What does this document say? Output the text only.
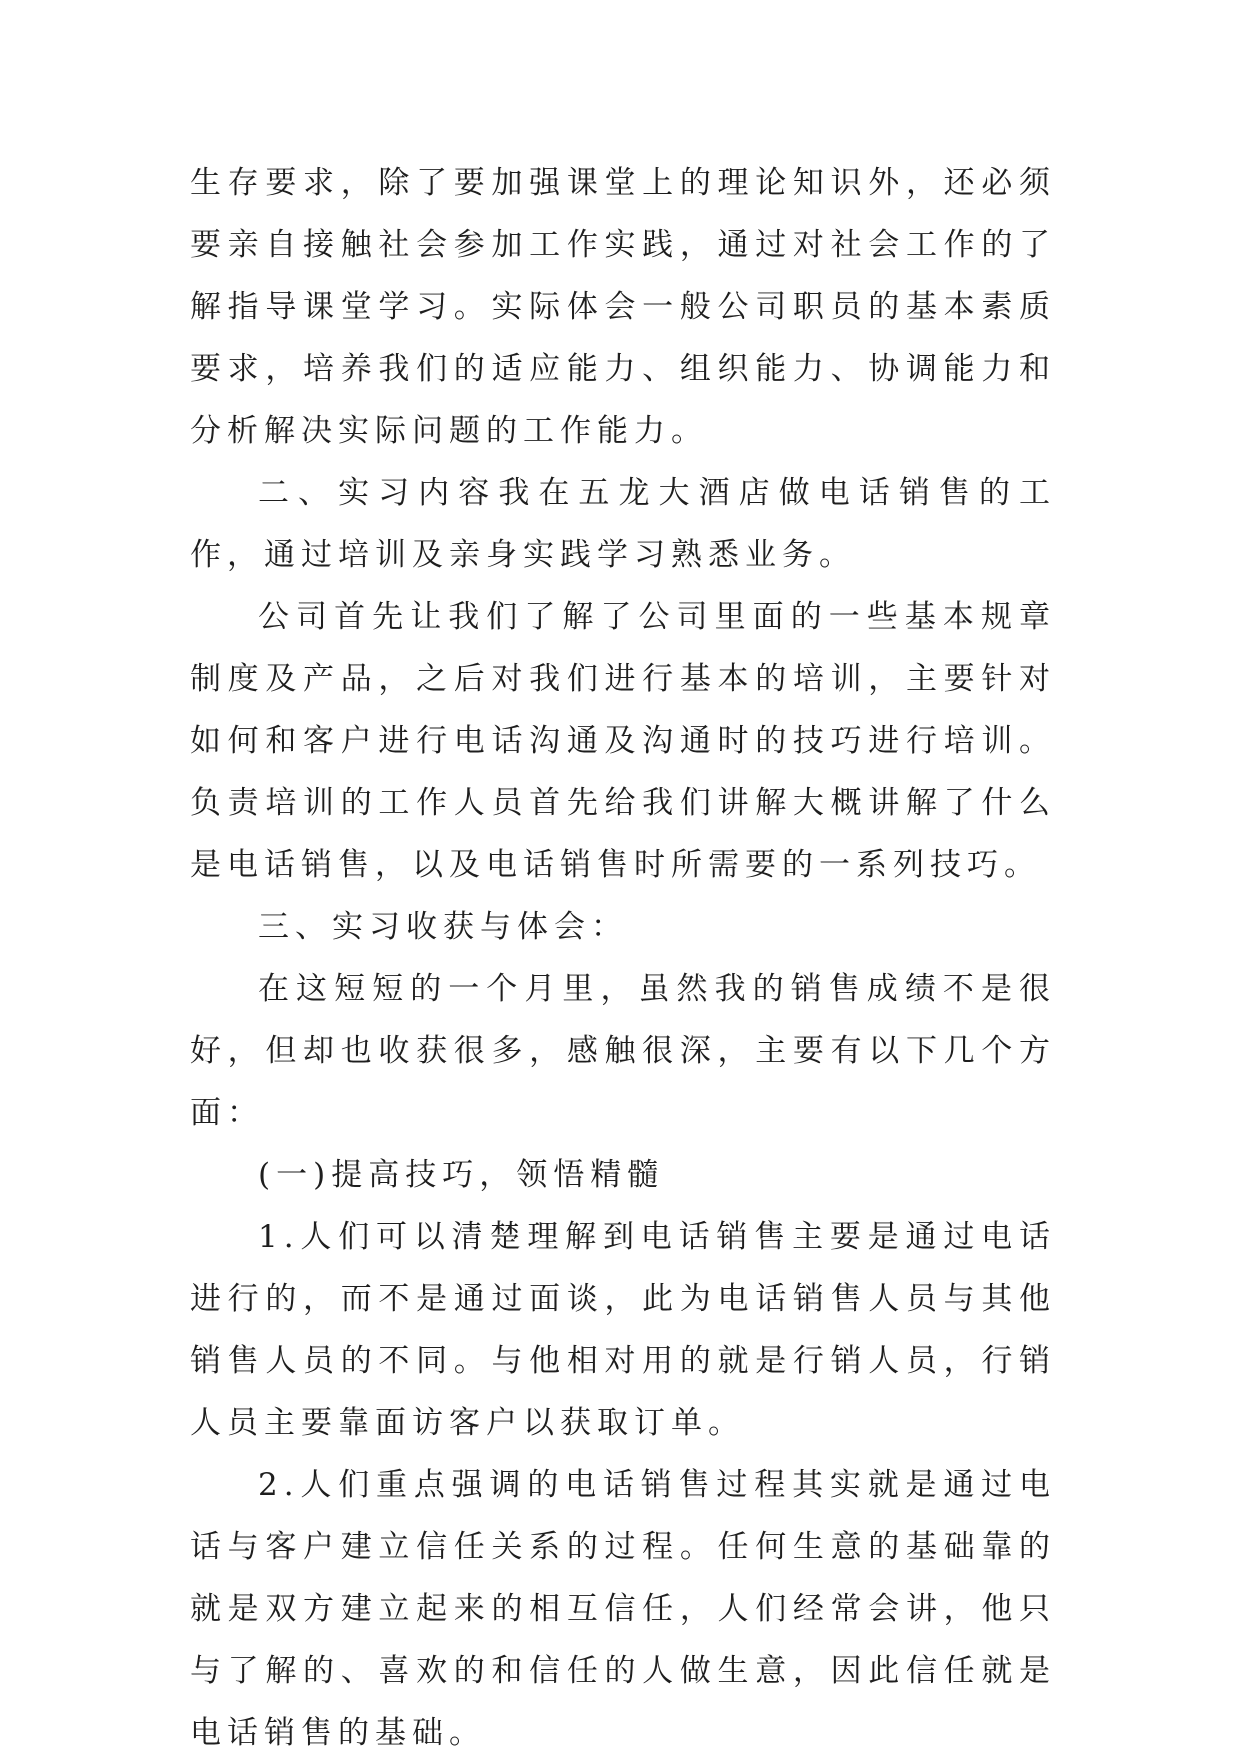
生存要求，除了要加强课堂上的理论知识外，还必须要亲自接触社会参加工作实践，通过对社会工作的了解指导课堂学习。实际体会一般公司职员的基本素质要求，培养我们的适应能力、组织能力、协调能力和分析解决实际问题的工作能力。

二、实习内容我在五龙大酒店做电话销售的工作，通过培训及亲身实践学习熟悉业务。

公司首先让我们了解了公司里面的一些基本规章制度及产品，之后对我们进行基本的培训，主要针对如何和客户进行电话沟通及沟通时的技巧进行培训。负责培训的工作人员首先给我们讲解大概讲解了什么是电话销售，以及电话销售时所需要的一系列技巧。

三、实习收获与体会：

在这短短的一个月里，虽然我的销售成绩不是很好，但却也收获很多，感触很深，主要有以下几个方面：

(一)提高技巧，领悟精髓

1.人们可以清楚理解到电话销售主要是通过电话进行的，而不是通过面谈，此为电话销售人员与其他销售人员的不同。与他相对用的就是行销人员，行销人员主要靠面访客户以获取订单。

2.人们重点强调的电话销售过程其实就是通过电话与客户建立信任关系的过程。任何生意的基础靠的就是双方建立起来的相互信任，人们经常会讲，他只与了解的、喜欢的和信任的人做生意，因此信任就是电话销售的基础。
